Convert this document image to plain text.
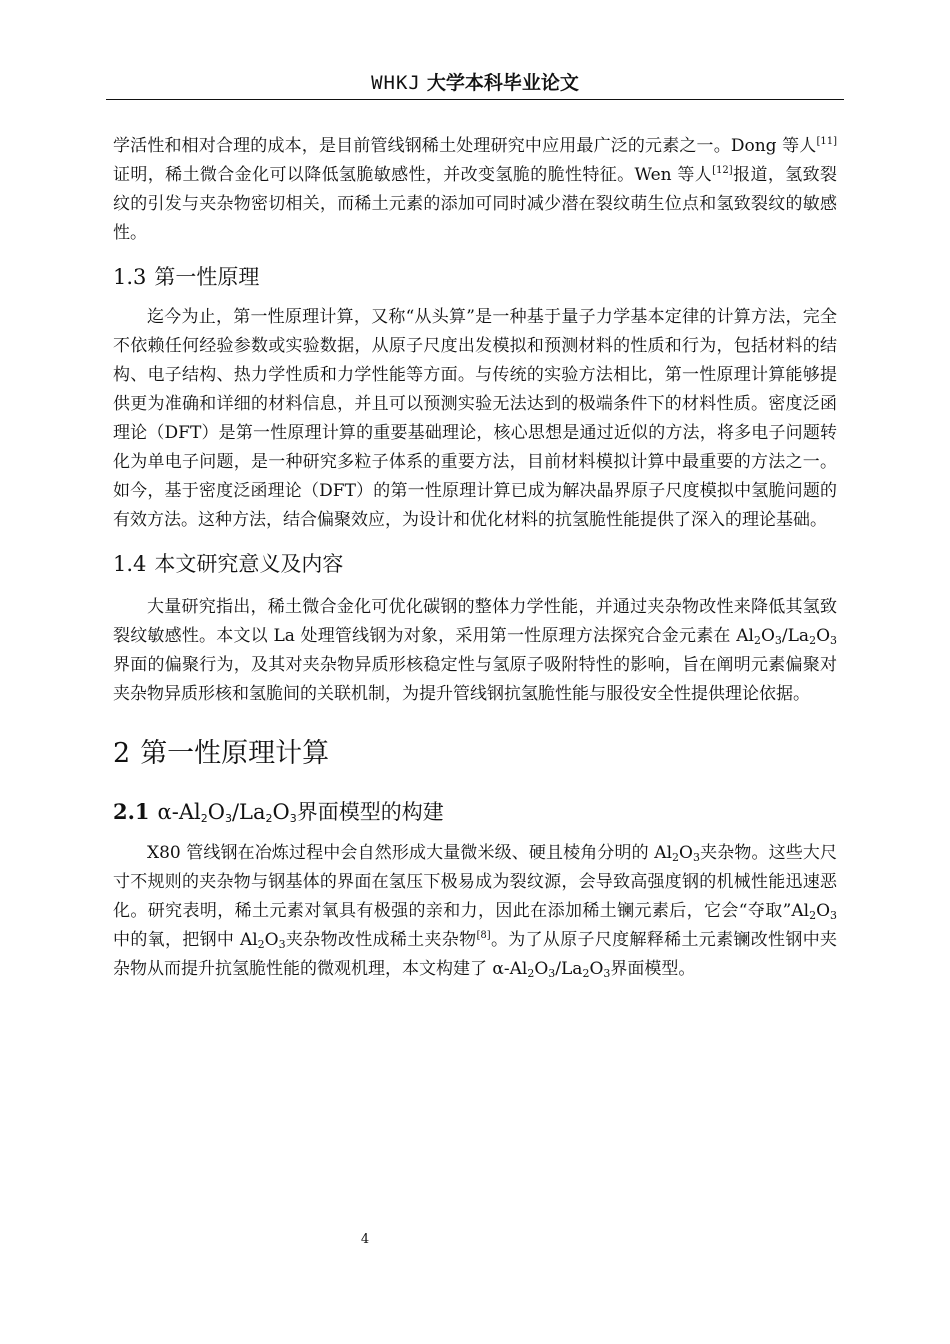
WHKJ 大学本科毕业论文

学活性和相对合理的成本，是目前管线钢稀土处理研究中应用最广泛的元素之一。Dong 等人[11]证明，稀土微合金化可以降低氢脆敏感性，并改变氢脆的脆性特征。Wen 等人[12]报道，氢致裂纹的引发与夹杂物密切相关，而稀土元素的添加可同时减少潜在裂纹萌生位点和氢致裂纹的敏感性。

1.3 第一性原理

迄今为止，第一性原理计算，又称“从头算”是一种基于量子力学基本定律的计算方法，完全不依赖任何经验参数或实验数据，从原子尺度出发模拟和预测材料的性质和行为，包括材料的结构、电子结构、热力学性质和力学性能等方面。与传统的实验方法相比，第一性原理计算能够提供更为准确和详细的材料信息，并且可以预测实验无法达到的极端条件下的材料性质。密度泛函理论（DFT）是第一性原理计算的重要基础理论，核心思想是通过近似的方法，将多电子问题转化为单电子问题，是一种研究多粒子体系的重要方法，目前材料模拟计算中最重要的方法之一。如今，基于密度泛函理论（DFT）的第一性原理计算已成为解决晶界原子尺度模拟中氢脆问题的有效方法。这种方法，结合偏聚效应，为设计和优化材料的抗氢脆性能提供了深入的理论基础。

1.4 本文研究意义及内容

大量研究指出，稀土微合金化可优化碳钢的整体力学性能，并通过夹杂物改性来降低其氢致裂纹敏感性。本文以 La 处理管线钢为对象，采用第一性原理方法探究合金元素在 $Al_2O_3/La_2O_3$ 界面的偏聚行为，及其对夹杂物异质形核稳定性与氢原子吸附特性的影响，旨在阐明元素偏聚对夹杂物异质形核和氢脆间的关联机制，为提升管线钢抗氢脆性能与服役安全性提供理论依据。

2 第一性原理计算
2.1 $\alpha-Al_2O_3/La_2O_3$界面模型的构建

X80 管线钢在冶炼过程中会自然形成大量微米级、硬且棱角分明的 $Al_2O_3$夹杂物。这些大尺寸不规则的夹杂物与钢基体的界面在氢压下极易成为裂纹源，会导致高强度钢的机械性能迅速恶化。研究表明，稀土元素对氧具有极强的亲和力，因此在添加稀土镧元素后，它会“夺取$”Al_2O_3$中的氧，把钢中 $Al_2O_3$夹杂物改性成稀土夹杂物[8]。为了从原子尺度解释稀土元素镧改性钢中夹杂物从而提升抗氢脆性能的微观机理，本文构建了 $\alpha-Al_2O_3/La_2O_3$界面模型。

4
